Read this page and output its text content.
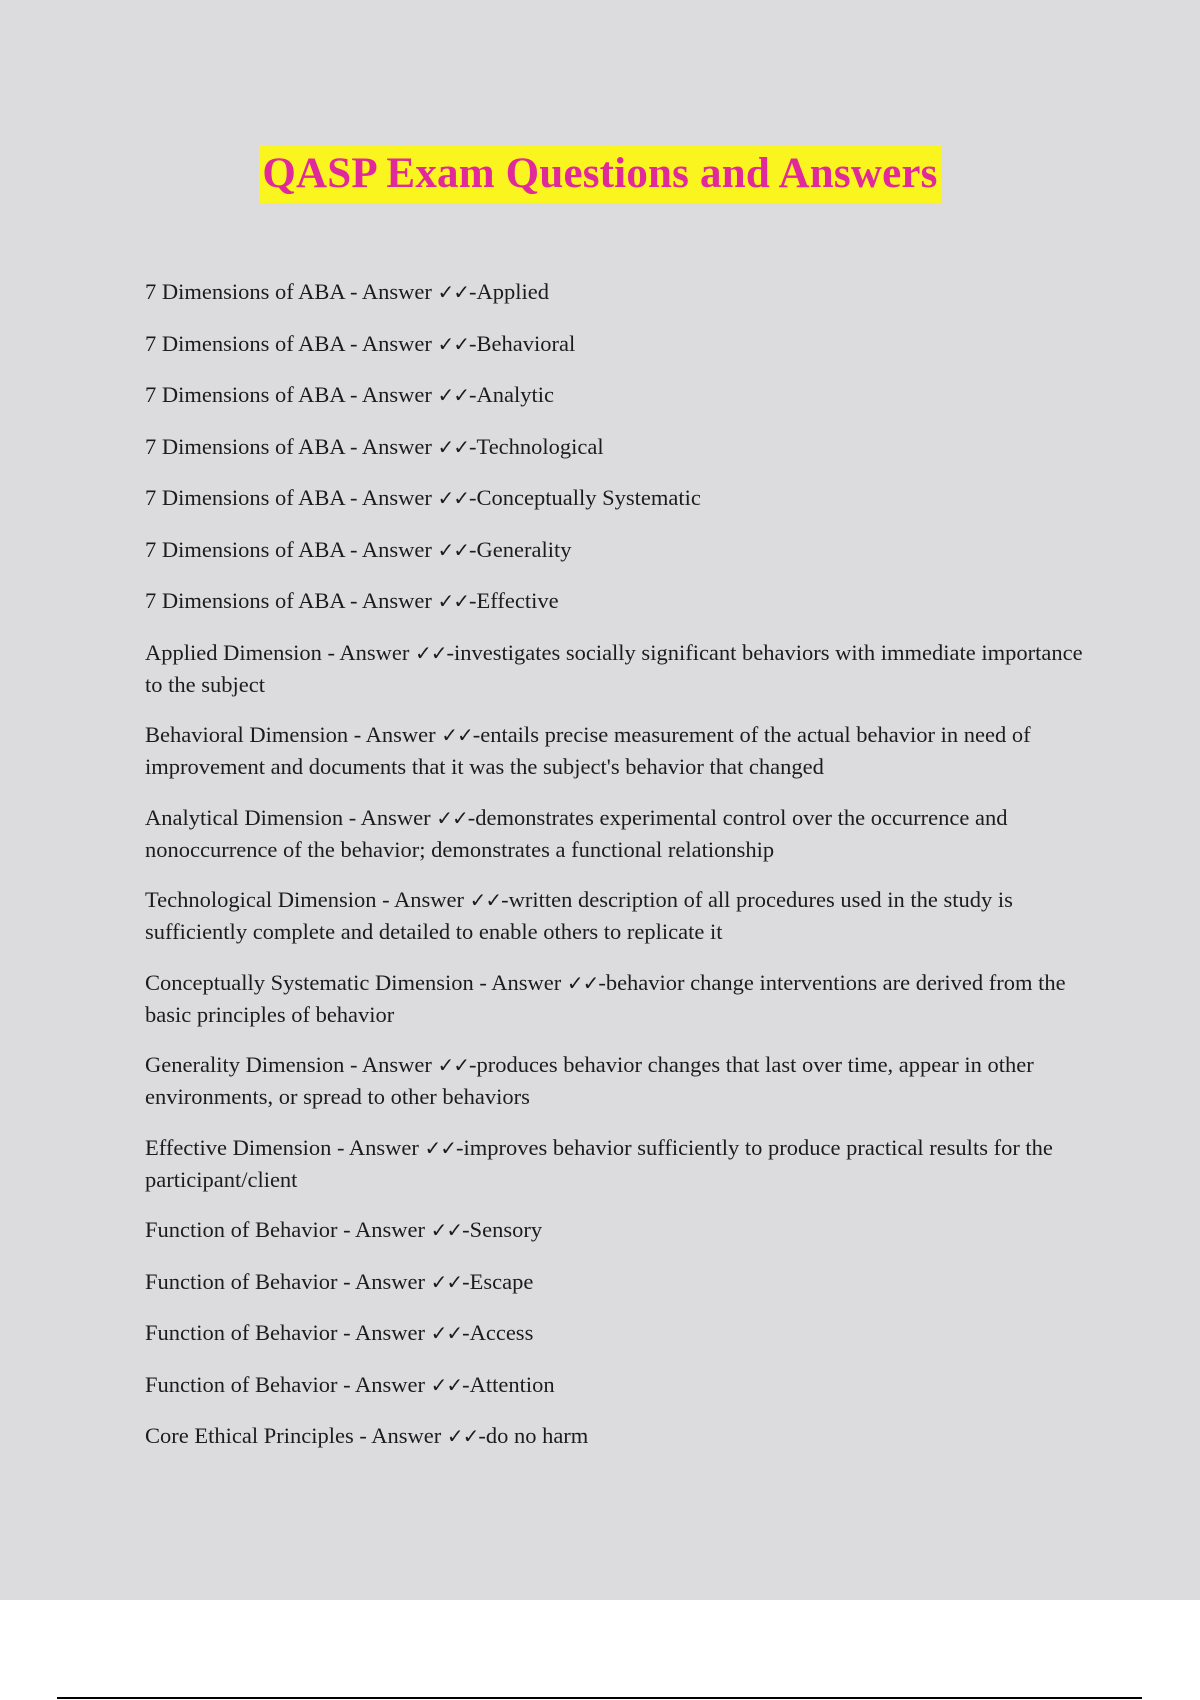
QASP Exam Questions and Answers
7 Dimensions of ABA - Answer ✓✓-Applied
7 Dimensions of ABA - Answer ✓✓-Behavioral
7 Dimensions of ABA - Answer ✓✓-Analytic
7 Dimensions of ABA - Answer ✓✓-Technological
7 Dimensions of ABA - Answer ✓✓-Conceptually Systematic
7 Dimensions of ABA - Answer ✓✓-Generality
7 Dimensions of ABA - Answer ✓✓-Effective
Applied Dimension - Answer ✓✓-investigates socially significant behaviors with immediate importance to the subject
Behavioral Dimension - Answer ✓✓-entails precise measurement of the actual behavior in need of improvement and documents that it was the subject's behavior that changed
Analytical Dimension - Answer ✓✓-demonstrates experimental control over the occurrence and nonoccurrence of the behavior; demonstrates a functional relationship
Technological Dimension - Answer ✓✓-written description of all procedures used in the study is sufficiently complete and detailed to enable others to replicate it
Conceptually Systematic Dimension - Answer ✓✓-behavior change interventions are derived from the basic principles of behavior
Generality Dimension - Answer ✓✓-produces behavior changes that last over time, appear in other environments, or spread to other behaviors
Effective Dimension - Answer ✓✓-improves behavior sufficiently to produce practical results for the participant/client
Function of Behavior - Answer ✓✓-Sensory
Function of Behavior - Answer ✓✓-Escape
Function of Behavior - Answer ✓✓-Access
Function of Behavior - Answer ✓✓-Attention
Core Ethical Principles - Answer ✓✓-do no harm
